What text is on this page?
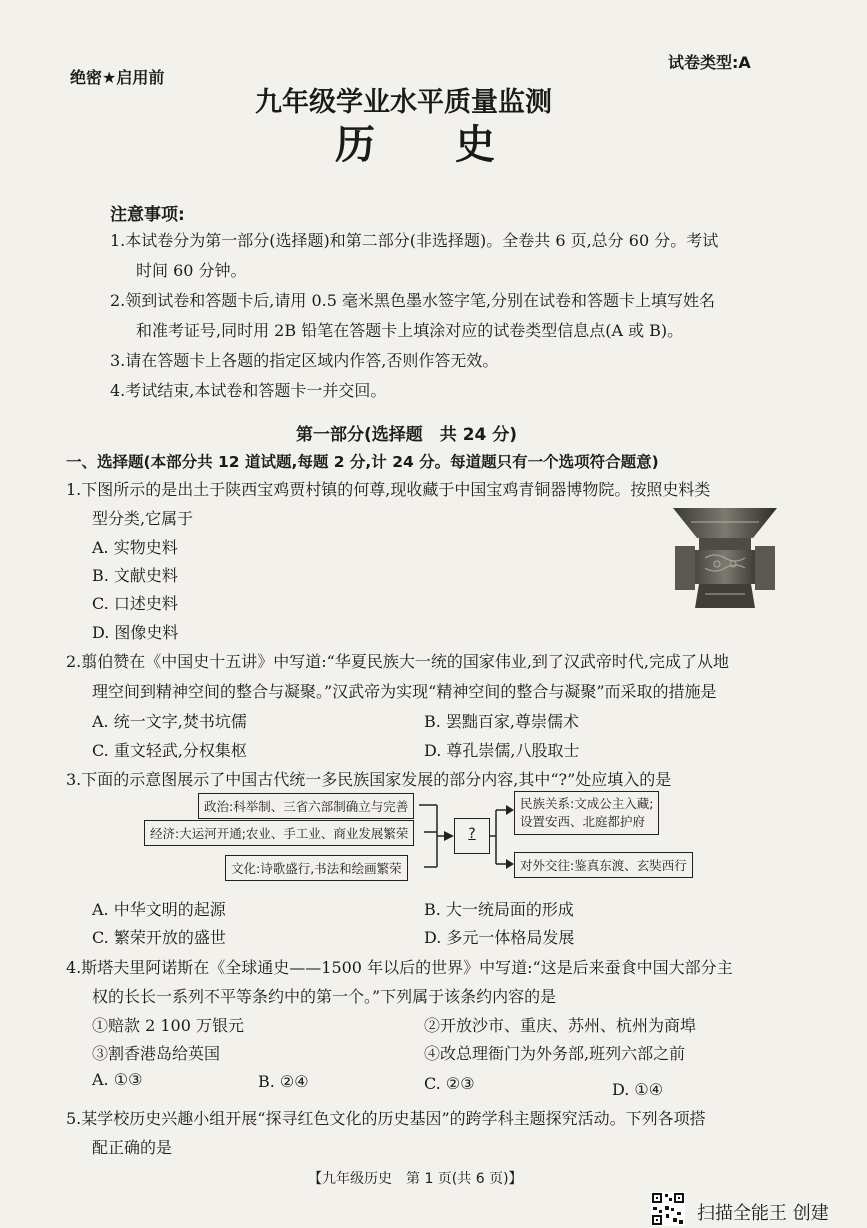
绝密★启用前
试卷类型:A
九年级学业水平质量监测
历　　史
注意事项:
1.本试卷分为第一部分(选择题)和第二部分(非选择题)。全卷共 6 页,总分 60 分。考试
时间 60 分钟。
2.领到试卷和答题卡后,请用 0.5 毫米黑色墨水签字笔,分别在试卷和答题卡上填写姓名
和准考证号,同时用 2B 铅笔在答题卡上填涂对应的试卷类型信息点(A 或 B)。
3.请在答题卡上各题的指定区域内作答,否则作答无效。
4.考试结束,本试卷和答题卡一并交回。
第一部分(选择题　共 24 分)
一、选择题(本部分共 12 道试题,每题 2 分,计 24 分。每道题只有一个选项符合题意)
1.下图所示的是出土于陕西宝鸡贾村镇的何尊,现收藏于中国宝鸡青铜器博物院。按照史料类
型分类,它属于
A. 实物史料
B. 文献史料
C. 口述史料
D. 图像史料
2.翦伯赞在《中国史十五讲》中写道:“华夏民族大一统的国家伟业,到了汉武帝时代,完成了从地
理空间到精神空间的整合与凝聚。”汉武帝为实现“精神空间的整合与凝聚”而采取的措施是
A. 统一文字,焚书坑儒	B. 罢黜百家,尊崇儒术
C. 重文轻武,分权集枢	D. 尊孔崇儒,八股取士
3.下面的示意图展示了中国古代统一多民族国家发展的部分内容,其中“?”处应填入的是
政治:科举制、三省六部制确立与完善
经济:大运河开通;农业、手工业、商业发展繁荣
文化:诗歌盛行,书法和绘画繁荣
?
民族关系:文成公主入藏;
设置安西、北庭都护府
对外交往:鉴真东渡、玄奘西行
A. 中华文明的起源	B. 大一统局面的形成
C. 繁荣开放的盛世	D. 多元一体格局发展
4.斯塔夫里阿诺斯在《全球通史——1500 年以后的世界》中写道:“这是后来蚕食中国大部分主
权的长长一系列不平等条约中的第一个。”下列属于该条约内容的是
①赔款 2 100 万银元	②开放沙市、重庆、苏州、杭州为商埠
③割香港岛给英国	④改总理衙门为外务部,班列六部之前
A. ①③	B. ②④	C. ②③	D. ①④
5.某学校历史兴趣小组开展“探寻红色文化的历史基因”的跨学科主题探究活动。下列各项搭
配正确的是
【九年级历史　第 1 页(共 6 页)】
扫描全能王 创建
